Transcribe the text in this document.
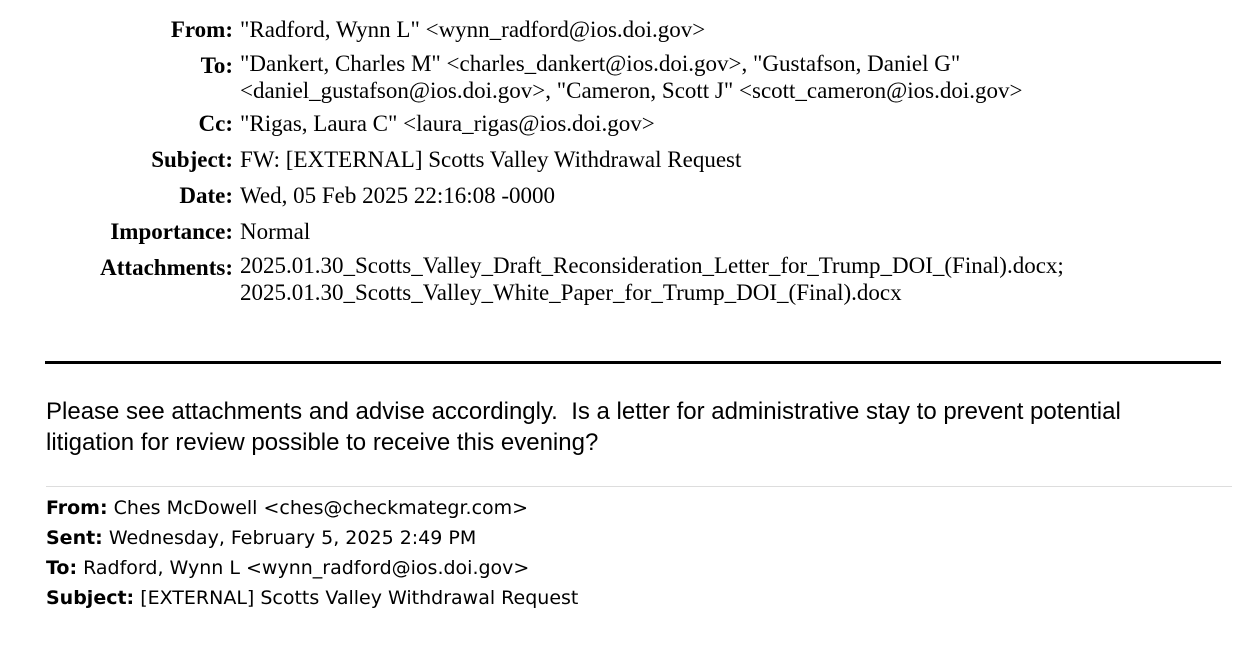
From: "Radford, Wynn L" <wynn_radford@ios.doi.gov>
To: "Dankert, Charles M" <charles_dankert@ios.doi.gov>, "Gustafson, Daniel G"
<daniel_gustafson@ios.doi.gov>, "Cameron, Scott J" <scott_cameron@ios.doi.gov>
Cc: "Rigas, Laura C" <laura_rigas@ios.doi.gov>
Subject: FW: [EXTERNAL] Scotts Valley Withdrawal Request
Date: Wed, 05 Feb 2025 22:16:08 -0000
Importance: Normal
Attachments: 2025.01.30_Scotts_Valley_Draft_Reconsideration_Letter_for_Trump_DOI_(Final).docx;
2025.01.30_Scotts_Valley_White_Paper_for_Trump_DOI_(Final).docx
Please see attachments and advise accordingly.  Is a letter for administrative stay to prevent potential
litigation for review possible to receive this evening?
From: Ches McDowell <ches@checkmategr.com>
Sent: Wednesday, February 5, 2025 2:49 PM
To: Radford, Wynn L <wynn_radford@ios.doi.gov>
Subject: [EXTERNAL] Scotts Valley Withdrawal Request
